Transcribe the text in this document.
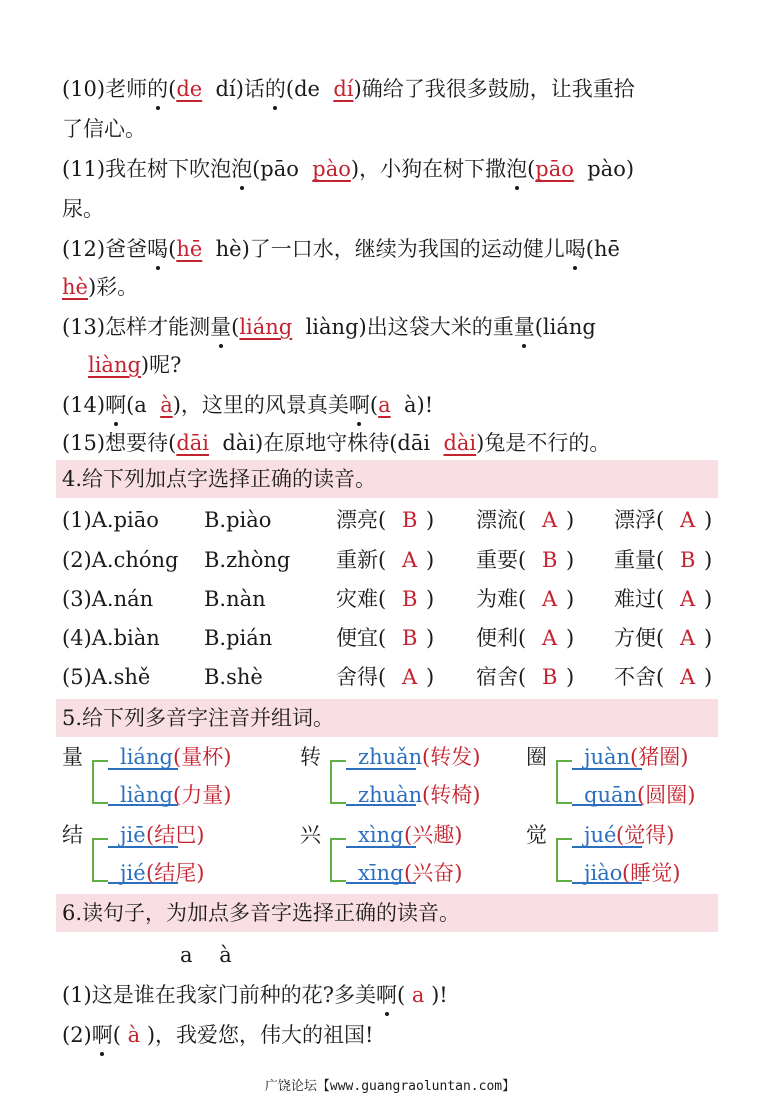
(10)老师的(de dí)话的(de  dí)确给了我很多鼓励，让我重拾
了信心。
(11)我在树下吹泡泡(pāo  pào)，小狗在树下撒泡(pāo  pào)
尿。
(12)爸爸喝(hē  hè)了一口水，继续为我国的运动健儿喝(hē
hè)彩。
(13)怎样才能测量(liáng  liàng)出这袋大米的重量(liáng
liàng)呢?
(14)啊(a  à)，这里的风景真美啊(a  à)!
(15)想要待(dāi  dài)在原地守株待(dāi  dài)兔是不行的。
4.给下列加点字选择正确的读音。
(1)A.piāo B.piào	漂亮( B ) 漂流( A ) 漂浮( A )
(2)A.chóng B.zhòng 重新( A ) 重要( B ) 重量( B )
(3)A.nán B.nàn	灾难( B ) 为难( A ) 难过( A )
(4)A.biàn B.pián	便宜( B ) 便利( A ) 方便( A )
(5)A.shě	B.shè	舍得( A ) 宿舍( B ) 不舍( A )
5.给下列多音字注音并组词。
量 liáng (量杯)
liàng (力量)
转 zhuǎn (转发)
zhuàn (转椅)
圈 juàn (猪圈)
quān (圆圈)
结 jiē (结巴)
jié (结尾)
兴 xìng (兴趣)
xīng (兴奋)
觉 jué (觉得)
jiào (睡觉)
6.读句子，为加点多音字选择正确的读音。
a    à
(1)这是谁在我家门前种的花?多美啊( a )!
(2)啊( à )，我爱您，伟大的祖国!
广饶论坛【www.guangraoluntan.com】
